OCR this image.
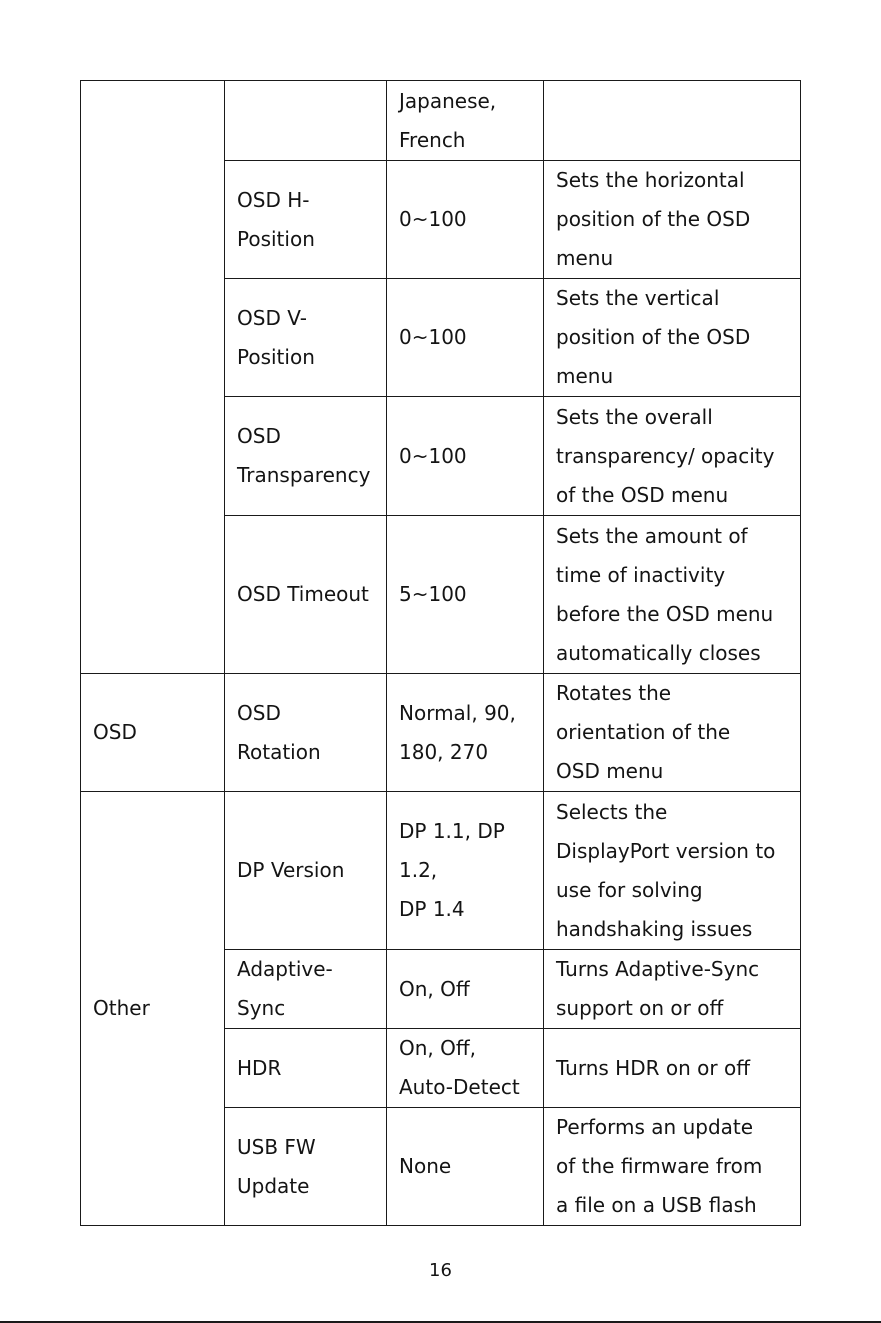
		Japanese,
French	

	OSD H-
Position	0~100	Sets the horizontal
position of the OSD
menu

	OSD V-
Position	0~100	Sets the vertical
position of the OSD
menu

	OSD
Transparency	0~100	Sets the overall
transparency/ opacity
of the OSD menu

	OSD Timeout	5~100	Sets the amount of
time of inactivity
before the OSD menu
automatically closes

OSD	OSD
Rotation	Normal, 90,
180, 270	Rotates the
orientation of the
OSD menu

Other	DP Version	DP 1.1, DP 1.2,
DP 1.4	Selects the
DisplayPort version to
use for solving
handshaking issues

	Adaptive-
Sync	On, Off	Turns Adaptive-Sync
support on or off

	HDR	On, Off,
Auto-Detect	Turns HDR on or off

	USB FW
Update	None	Performs an update
of the firmware from
a file on a USB flash
16
